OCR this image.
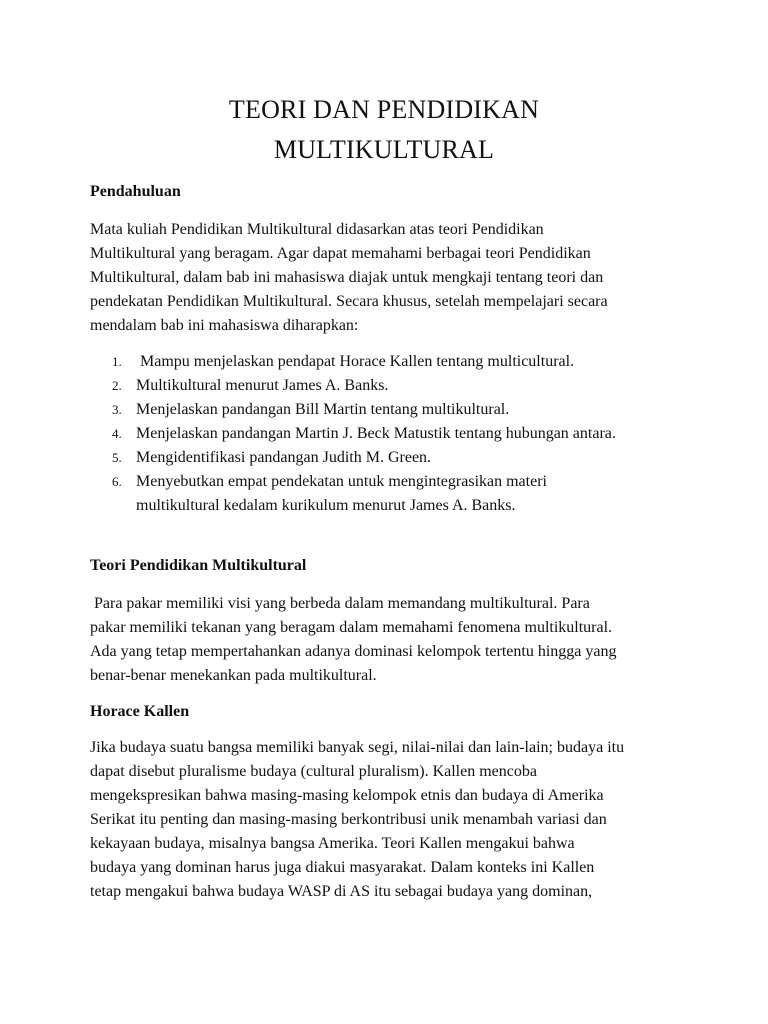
TEORI DAN PENDIDIKAN
MULTIKULTURAL
Pendahuluan

Mata kuliah Pendidikan Multikultural didasarkan atas teori Pendidikan
Multikultural yang beragam. Agar dapat memahami berbagai teori Pendidikan
Multikultural, dalam bab ini mahasiswa diajak untuk mengkaji tentang teori dan
pendekatan Pendidikan Multikultural. Secara khusus, setelah mempelajari secara
mendalam bab ini mahasiswa diharapkan:

1. Mampu menjelaskan pendapat Horace Kallen tentang multicultural.
2. Multikultural menurut James A. Banks.
3. Menjelaskan pandangan Bill Martin tentang multikultural.
4. Menjelaskan pandangan Martin J. Beck Matustik tentang hubungan antara.
5. Mengidentifikasi pandangan Judith M. Green.
6. Menyebutkan empat pendekatan untuk mengintegrasikan materi
multikultural kedalam kurikulum menurut James A. Banks.
Teori Pendidikan Multikultural

Para pakar memiliki visi yang berbeda dalam memandang multikultural. Para
pakar memiliki tekanan yang beragam dalam memahami fenomena multikultural.
Ada yang tetap mempertahankan adanya dominasi kelompok tertentu hingga yang
benar-benar menekankan pada multikultural.

Horace Kallen

Jika budaya suatu bangsa memiliki banyak segi, nilai-nilai dan lain-lain; budaya itu
dapat disebut pluralisme budaya (cultural pluralism). Kallen mencoba
mengekspresikan bahwa masing-masing kelompok etnis dan budaya di Amerika
Serikat itu penting dan masing-masing berkontribusi unik menambah variasi dan
kekayaan budaya, misalnya bangsa Amerika. Teori Kallen mengakui bahwa
budaya yang dominan harus juga diakui masyarakat. Dalam konteks ini Kallen
tetap mengakui bahwa budaya WASP di AS itu sebagai budaya yang dominan,
